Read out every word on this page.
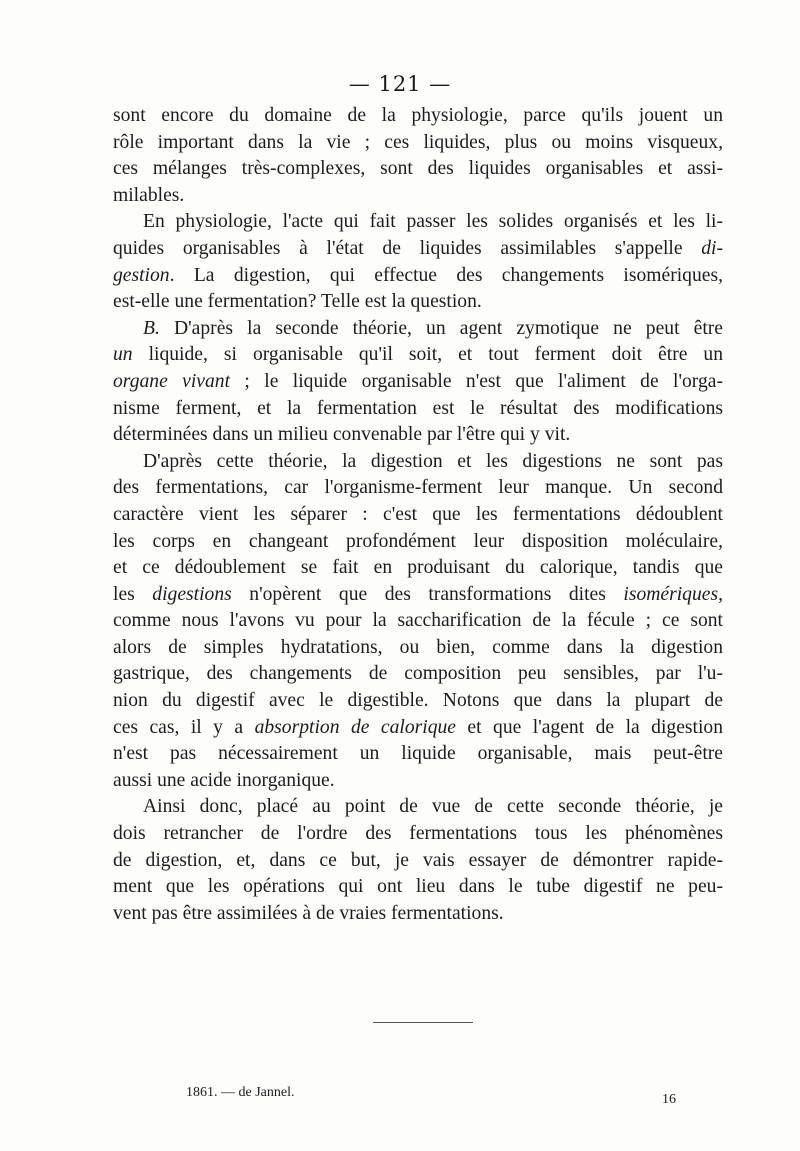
— 121 —
sont encore du domaine de la physiologie, parce qu'ils jouent un
rôle important dans la vie ; ces liquides, plus ou moins visqueux,
ces mélanges très-complexes, sont des liquides organisables et assi-
milables.
En physiologie, l'acte qui fait passer les solides organisés et les li-
quides organisables à l'état de liquides assimilables s'appelle di-
gestion. La digestion, qui effectue des changements isomériques,
est-elle une fermentation? Telle est la question.
B. D'après la seconde théorie, un agent zymotique ne peut être
un liquide, si organisable qu'il soit, et tout ferment doit être un
organe vivant ; le liquide organisable n'est que l'aliment de l'orga-
nisme ferment, et la fermentation est le résultat des modifications
déterminées dans un milieu convenable par l'être qui y vit.
D'après cette théorie, la digestion et les digestions ne sont pas
des fermentations, car l'organisme-ferment leur manque. Un second
caractère vient les séparer : c'est que les fermentations dédoublent
les corps en changeant profondément leur disposition moléculaire,
et ce dédoublement se fait en produisant du calorique, tandis que
les digestions n'opèrent que des transformations dites isomériques,
comme nous l'avons vu pour la saccharification de la fécule ; ce sont
alors de simples hydratations, ou bien, comme dans la digestion
gastrique, des changements de composition peu sensibles, par l'u-
nion du digestif avec le digestible. Notons que dans la plupart de
ces cas, il y a absorption de calorique et que l'agent de la digestion
n'est pas nécessairement un liquide organisable, mais peut-être
aussi une acide inorganique.
Ainsi donc, placé au point de vue de cette seconde théorie, je
dois retrancher de l'ordre des fermentations tous les phénomènes
de digestion, et, dans ce but, je vais essayer de démontrer rapide-
ment que les opérations qui ont lieu dans le tube digestif ne peu-
vent pas être assimilées à de vraies fermentations.
1861. — de Jannel.	16
